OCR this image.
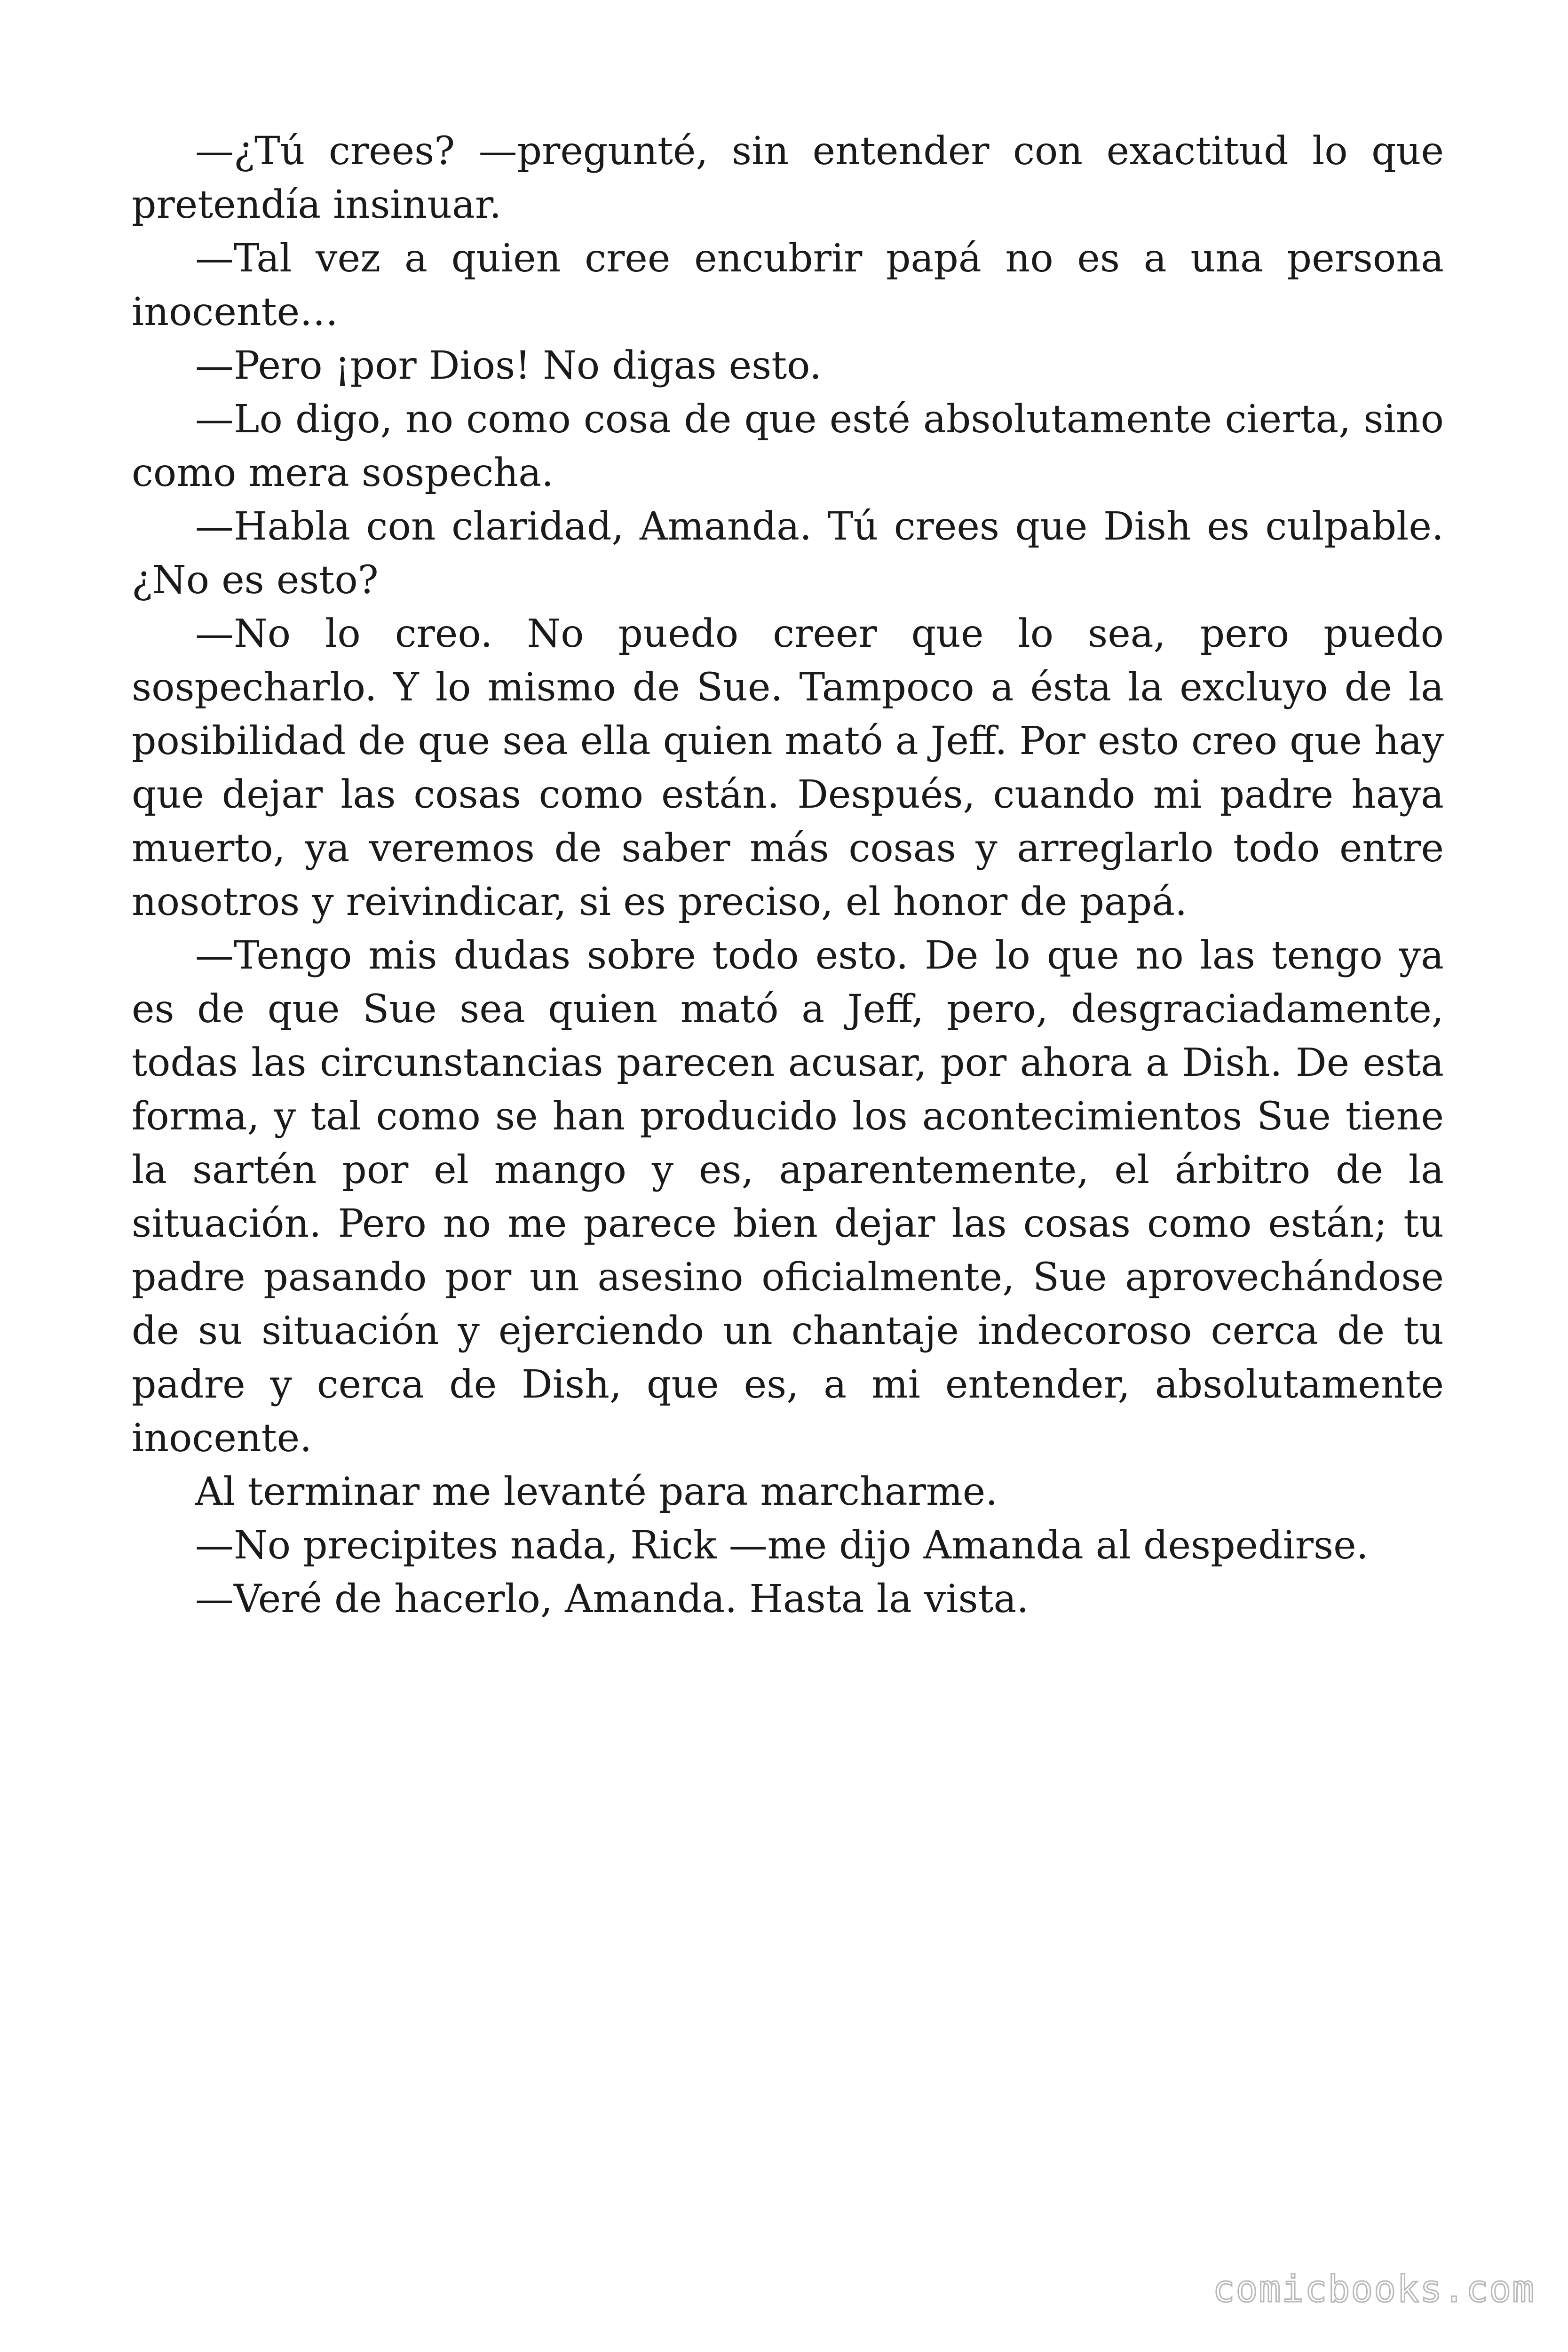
—¿Tú crees? —pregunté, sin entender con exactitud lo que pretendía insinuar.

—Tal vez a quien cree encubrir papá no es a una persona inocente…

—Pero ¡por Dios! No digas esto.

—Lo digo, no como cosa de que esté absolutamente cierta, sino como mera sospecha.

—Habla con claridad, Amanda. Tú crees que Dish es culpable. ¿No es esto?

—No lo creo. No puedo creer que lo sea, pero puedo sospecharlo. Y lo mismo de Sue. Tampoco a ésta la excluyo de la posibilidad de que sea ella quien mató a Jeff. Por esto creo que hay que dejar las cosas como están. Después, cuando mi padre haya muerto, ya veremos de saber más cosas y arreglarlo todo entre nosotros y reivindicar, si es preciso, el honor de papá.

—Tengo mis dudas sobre todo esto. De lo que no las tengo ya es de que Sue sea quien mató a Jeff, pero, desgraciadamente, todas las circunstancias parecen acusar, por ahora a Dish. De esta forma, y tal como se han producido los acontecimientos Sue tiene la sartén por el mango y es, aparentemente, el árbitro de la situación. Pero no me parece bien dejar las cosas como están; tu padre pasando por un asesino oficialmente, Sue aprovechándose de su situación y ejerciendo un chantaje indecoroso cerca de tu padre y cerca de Dish, que es, a mi entender, absolutamente inocente.

Al terminar me levanté para marcharme.

—No precipites nada, Rick —me dijo Amanda al despedirse.

—Veré de hacerlo, Amanda. Hasta la vista.

comicbooks.com
